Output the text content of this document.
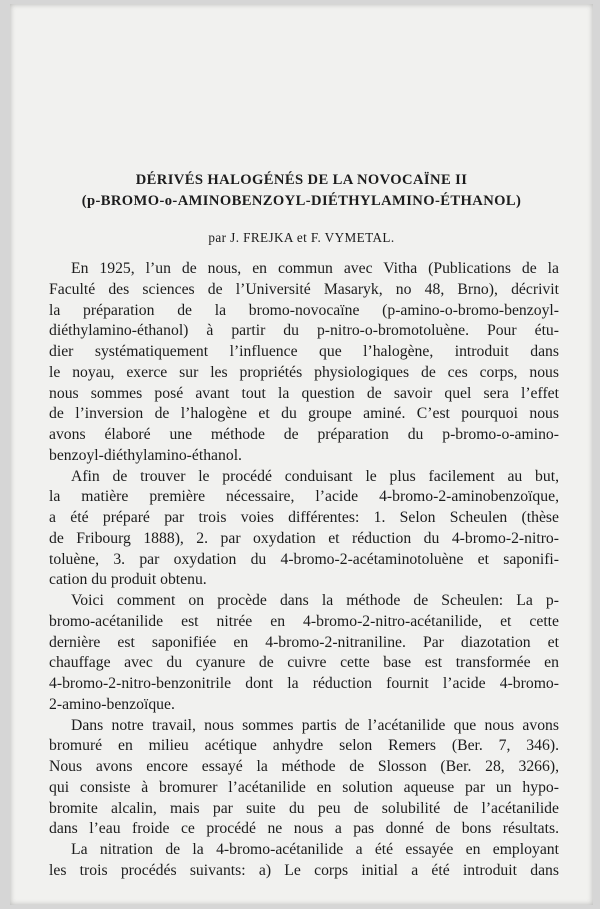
DÉRIVÉS HALOGÉNÉS DE LA NOVOCAÏNE II
(p-BROMO-o-AMINOBENZOYL-DIÉTHYLAMINO-ÉTHANOL)
par J. FREJKA et F. VYMETAL.

En 1925, l’un de nous, en commun avec Vitha (Publications de la
Faculté des sciences de l’Université Masaryk, no 48, Brno), décrivit
la préparation de la bromo-novocaïne (p-amino-o-bromo-benzoyl-
diéthylamino-éthanol) à partir du p-nitro-o-bromotoluène. Pour étu-
dier systématiquement l’influence que l’halogène, introduit dans
le noyau, exerce sur les propriétés physiologiques de ces corps, nous
nous sommes posé avant tout la question de savoir quel sera l’effet
de l’inversion de l’halogène et du groupe aminé. C’est pourquoi nous
avons élaboré une méthode de préparation du p-bromo-o-amino-
benzoyl-diéthylamino-éthanol.

Afin de trouver le procédé conduisant le plus facilement au but,
la matière première nécessaire, l’acide 4-bromo-2-aminobenzoïque,
a été préparé par trois voies différentes: 1. Selon Scheulen (thèse
de Fribourg 1888), 2. par oxydation et réduction du 4-bromo-2-nitro-
toluène, 3. par oxydation du 4-bromo-2-acétaminotoluène et saponifi-
cation du produit obtenu.

Voici comment on procède dans la méthode de Scheulen: La p-
bromo-acétanilide est nitrée en 4-bromo-2-nitro-acétanilide, et cette
dernière est saponifiée en 4-bromo-2-nitraniline. Par diazotation et
chauffage avec du cyanure de cuivre cette base est transformée en
4-bromo-2-nitro-benzonitrile dont la réduction fournit l’acide 4-bromo-
2-amino-benzoïque.

Dans notre travail, nous sommes partis de l’acétanilide que nous avons
bromuré en milieu acétique anhydre selon Remers (Ber. 7, 346).
Nous avons encore essayé la méthode de Slosson (Ber. 28, 3266),
qui consiste à bromurer l’acétanilide en solution aqueuse par un hypo-
bromite alcalin, mais par suite du peu de solubilité de l’acétanilide
dans l’eau froide ce procédé ne nous a pas donné de bons résultats.

La nitration de la 4-bromo-acétanilide a été essayée en employant
les trois procédés suivants: a) Le corps initial a été introduit dans
